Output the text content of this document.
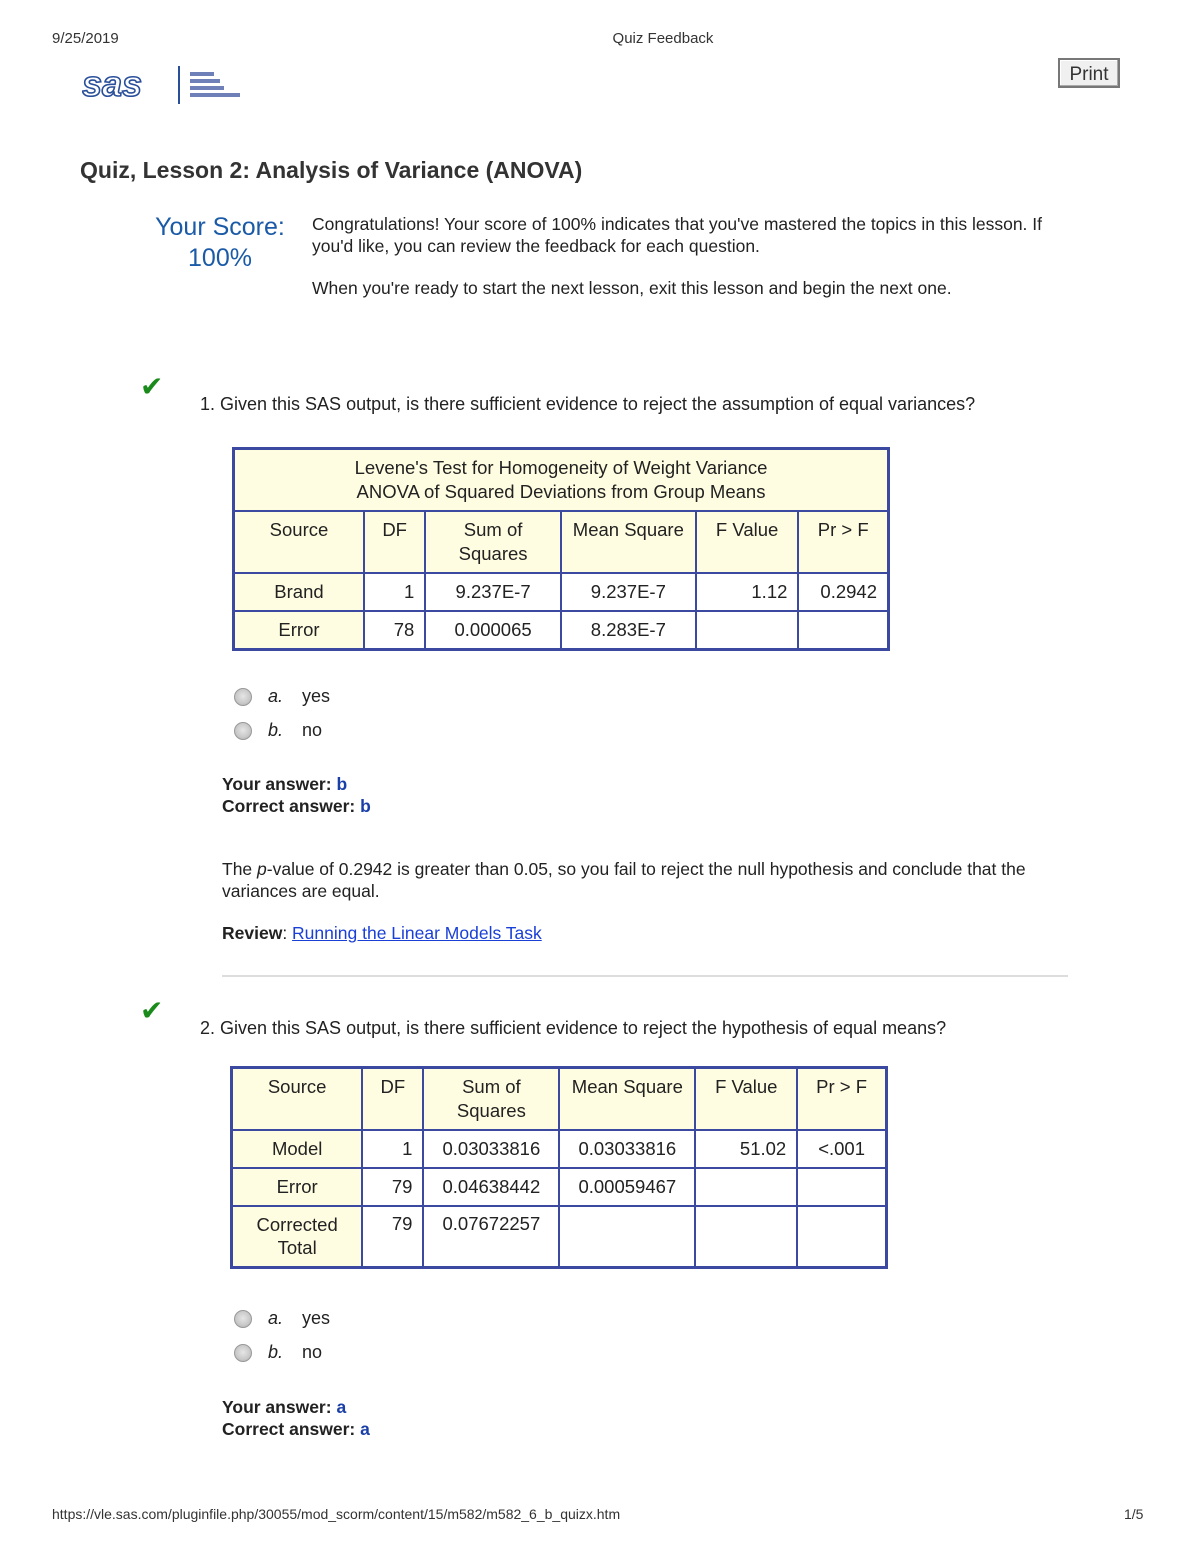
9/25/2019	Quiz Feedback
sas	Print
Quiz, Lesson 2: Analysis of Variance (ANOVA)
Your Score:
100%

Congratulations! Your score of 100% indicates that you've mastered the topics in this lesson. If you'd like, you can review the feedback for each question.

When you're ready to start the next lesson, exit this lesson and begin the next one.

✔
1. Given this SAS output, is there sufficient evidence to reject the assumption of equal variances?
Levene's Test for Homogeneity of Weight Variance
ANOVA of Squared Deviations from Group Means					

Source	DF	Sum of Squares	Mean Square	F Value	Pr > F
Brand	1	9.237E-7	9.237E-7	1.12	0.2942
Error	78	0.000065	8.283E-7		
a. yes
b. no
Your answer: b
Correct answer: b
The p-value of 0.2942 is greater than 0.05, so you fail to reject the null hypothesis and conclude that the variances are equal.
Review: Running the Linear Models Task
✔
2. Given this SAS output, is there sufficient evidence to reject the hypothesis of equal means?
Source	DF	Sum of Squares	Mean Square	F Value	Pr > F
Model	1	0.03033816	0.03033816	51.02	<.001
Error	79	0.04638442	0.00059467		
Corrected Total	79	0.07672257			
a. yes
b. no
Your answer: a
Correct answer: a
https://vle.sas.com/pluginfile.php/30055/mod_scorm/content/15/m582/m582_6_b_quizx.htm	1/5
